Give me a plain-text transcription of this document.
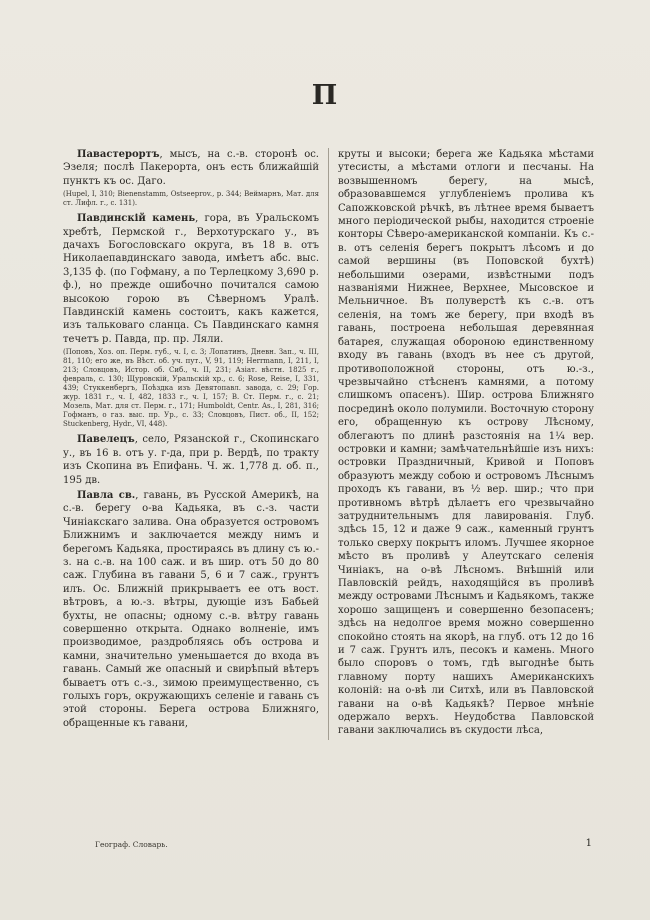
П

Павастерортъ, мысъ, на с.-в. сторонѣ ос. Эзеля; послѣ Пакерорта, онъ есть ближайшій пунктъ къ ос. Даго.

(Hupel, I, 310; Bienenstamm, Ostseeprov., p. 344; Веймарнъ, Мат. для ст. Лифл. г., с. 131).

Павдинскій камень, гора, въ Уральскомъ хребтѣ, Пермской г., Верхотурскаго у., въ дачахъ Богословскаго округа, въ 18 в. отъ Николаепавдинскаго завода, имѣетъ абс. выс. 3,135 ф. (по Гофману, а по Терлецкому 3,690 р. ф.), но прежде ошибочно почитался самою высокою горою въ Сѣверномъ Уралѣ. Павдинскій камень состоитъ, какъ кажется, изъ тальковаго сланца. Съ Павдинскаго камня течетъ р. Павда, пр. пр. Ляли.

(Поповъ, Хоз. оп. Перм. губ., ч. I, с. 3; Лопатинъ, Дневн. Зап., ч. III, 81, 110; его же, въ Вѣст. об. уч. пут., V, 91, 119; Herrmann, I, 211, I, 213; Словцовъ, Истор. об. Сиб., ч. II, 231; Азіат. вѣстн. 1825 г., февраль, с. 130; Щуровскій, Уральскій хр., с. 6; Rose, Reise, I, 331, 439; Стуккенбергъ, Поѣздка изъ Девятопавл. завода, с. 29; Гор. жур. 1831 г., ч. I, 482, 1833 г., ч. I, 157; В. Ст. Перм. г., с. 21; Мозель, Мат. для ст. Перм. г., 171; Humboldt, Centr. As., I, 281, 316; Гофманъ, о газ. выс. пр. Ур., с. 33; Словцовъ, Пист. об., II, 152; Stuckenberg, Hydr., VI, 448).

Павелецъ, село, Рязанской г., Скопинскаго у., въ 16 в. отъ у. г-да, при р. Вердѣ, по тракту изъ Скопина въ Епифань. Ч. ж. 1,778 д. об. п., 195 дв.

Павла св., гавань, въ Русской Америкѣ, на с.-в. берегу о-ва Кадьяка, въ с.-з. части Чиніакскаго залива. Она образуется островомъ Ближнимъ и заключается между нимъ и берегомъ Кадьяка, простираясь въ длину съ ю.-з. на с.-в. на 100 саж. и въ шир. отъ 50 до 80 саж. Глубина въ гавани 5, 6 и 7 саж., грунтъ илъ. Ос. Ближній прикрываетъ ее отъ вост. вѣтровъ, а ю.-з. вѣтры, дующіе изъ Бабьей бухты, не опасны; одному с.-в. вѣтру гавань совершенно открыта. Однако волненіе, имъ производимое, раздробляясь объ острова и камни, значительно уменьшается до входа въ гавань. Самый же опасный и свирѣпый вѣтеръ бываетъ отъ с.-з., зимою преимущественно, съ голыхъ горъ, окружающихъ селеніе и гавань съ этой стороны. Берега острова Ближняго, обращенные къ гавани,

круты и высоки; берега же Кадьяка мѣстами утесисты, а мѣстами отлоги и песчаны. На возвышенномъ берегу, на мысѣ, образовавшемся углубленіемъ пролива къ Сапожковской рѣчкѣ, въ лѣтнее время бываетъ много періодической рыбы, находится строеніе конторы Сѣверо-американской компаніи. Къ с.-в. отъ селенія берегъ покрытъ лѣсомъ и до самой вершины (въ Поповской бухтѣ) небольшими озерами, извѣстными подъ названіями Нижнее, Верхнее, Мысовское и Мельничное. Въ полуверстѣ къ с.-в. отъ селенія, на томъ же берегу, при входѣ въ гавань, построена небольшая деревянная батарея, служащая обороною единственному входу въ гавань (входъ въ нее съ другой, противоположной стороны, отъ ю.-з., чрезвычайно стѣсненъ камнями, а потому слишкомъ опасенъ). Шир. острова Ближняго посрединѣ около полумили. Восточную сторону его, обращенную къ острову Лѣсному, облегаютъ по длинѣ разстоянія на 1¼ вер. островки и камни; замѣчательнѣйшіе изъ нихъ: островки Праздничный, Кривой и Поповъ образуютъ между собою и островомъ Лѣснымъ проходъ къ гавани, въ ½ вер. шир.; что при противномъ вѣтрѣ дѣлаетъ его чрезвычайно затруднительнымъ для лавированія. Глуб. здѣсь 15, 12 и даже 9 саж., каменный грунтъ только сверху покрытъ иломъ. Лучшее якорное мѣсто въ проливѣ у Алеутскаго селенія Чиніакъ, на о-вѣ Лѣсномъ. Внѣшній или Павловскій рейдъ, находящійся въ проливѣ между островами Лѣснымъ и Кадьякомъ, также хорошо защищенъ и совершенно безопасенъ; здѣсь на недолгое время можно совершенно спокойно стоять на якорѣ, на глуб. отъ 12 до 16 и 7 саж. Грунтъ илъ, песокъ и камень. Много было споровъ о томъ, гдѣ выгоднѣе быть главному порту нашихъ Американскихъ колоній: на о-вѣ ли Ситхѣ, или въ Павловской гавани на о-вѣ Кадьякѣ? Первое мнѣніе одержало верхъ. Неудобства Павловской гавани заключались въ скудости лѣса,

Географ. Словарь.	1
